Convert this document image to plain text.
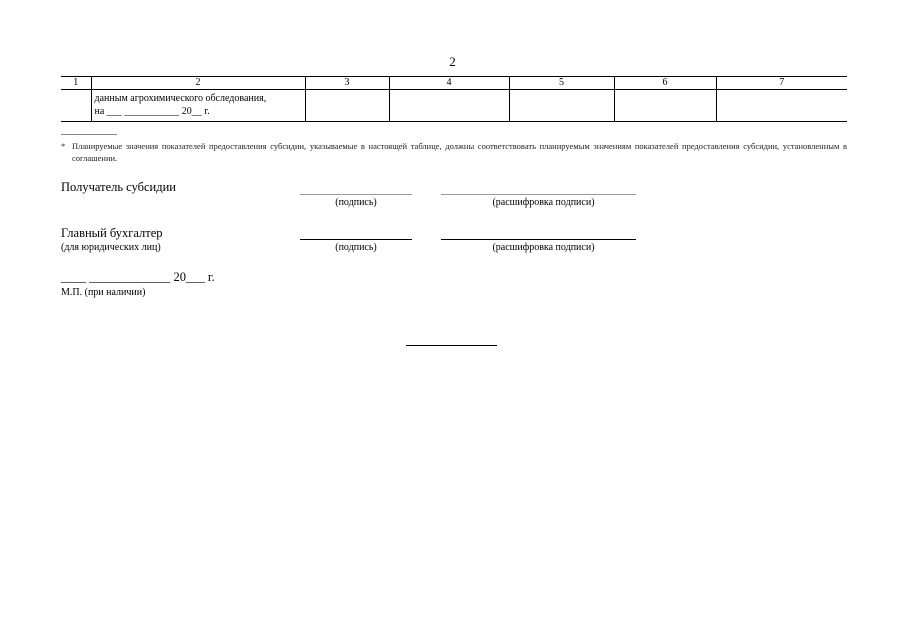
2
1	2	3	4	5	6	7

	данным агрохимического обследования,
на ___ ___________ 20__ г.					

* Планируемые значения показателей предоставления субсидии, указываемые в настоящей таблице, должны соответствовать планируемым значениям показателей предоставления субсидии, установленным в соглашении.
Получатель субсидии
(подпись)	(расшифровка подписи)
Главный бухгалтер
(для юридических лиц)	(подпись)	(расшифровка подписи)
____ _____________ 20___ г.
М.П. (при наличии)
